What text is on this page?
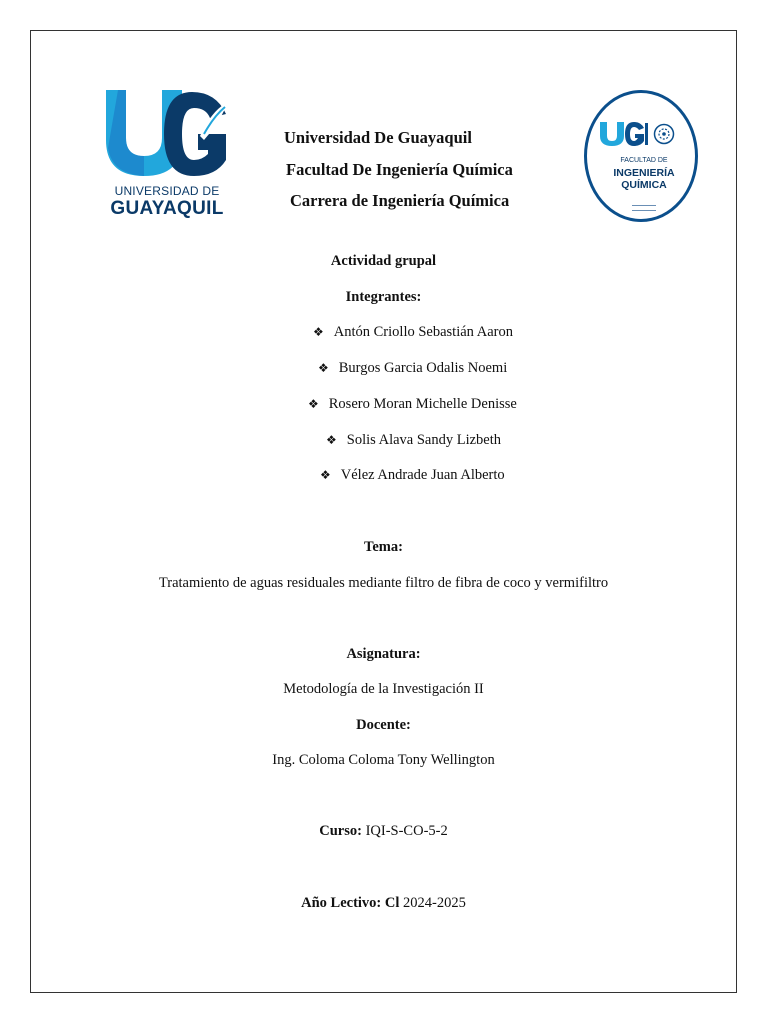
UNIVERSIDAD DE
GUAYAQUIL
Universidad De Guayaquil
Facultad De Ingeniería Química
Carrera de Ingeniería Química
FACULTAD DE
INGENIERÍA
QUÍMICA
Actividad grupal
Integrantes:
❖ Antón Criollo Sebastián Aaron
❖ Burgos Garcia Odalis Noemi
❖ Rosero Moran Michelle Denisse
❖ Solis Alava Sandy Lizbeth
❖ Vélez Andrade Juan Alberto
Tema:
Tratamiento de aguas residuales mediante filtro de fibra de coco y vermifiltro
Asignatura:
Metodología de la Investigación II
Docente:
Ing. Coloma Coloma Tony Wellington
Curso: IQI-S-CO-5-2
Año Lectivo: Cl 2024-2025
